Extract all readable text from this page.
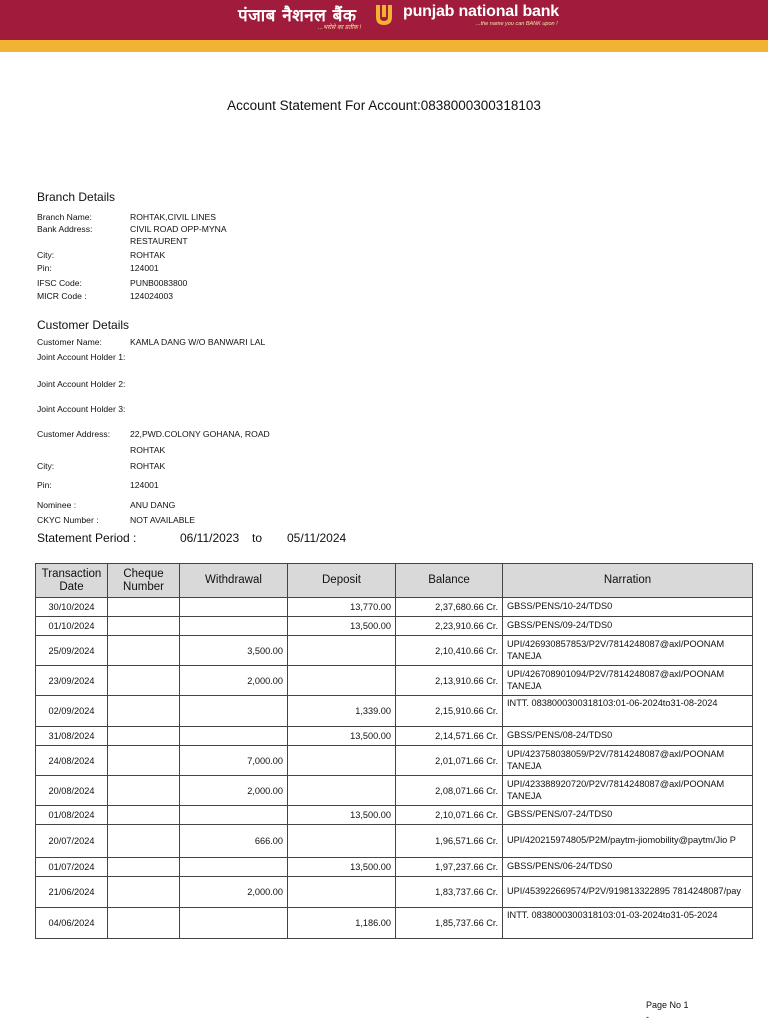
पंजाब नैशनल बैंक
...भरोसे का प्रतीक !
punjab national bank
...the name you can BANK upon !
Account Statement For Account:0838000300318103
Branch Details
Branch Name:	ROHTAK,CIVIL LINES
Bank Address:	CIVIL ROAD OPP-MYNA
RESTAURENT
City:	ROHTAK
Pin:	124001
IFSC Code:	PUNB0083800
MICR Code :	124024003
Customer Details
Customer Name:	KAMLA DANG W/O BANWARI LAL
Joint Account Holder 1:
Joint Account Holder 2:
Joint Account Holder 3:
Customer Address: 22,PWD.COLONY GOHANA, ROAD
ROHTAK
City:	ROHTAK
Pin:	124001
Nominee :	ANU DANG
CKYC Number :	NOT AVAILABLE
Statement Period :	06/11/2023 to 05/11/2024
Transaction Date	Cheque Number	Withdrawal	Deposit	Balance	Narration
30/10/2024			13,770.00	2,37,680.66 Cr.	GBSS/PENS/10-24/TDS0
01/10/2024			13,500.00	2,23,910.66 Cr.	GBSS/PENS/09-24/TDS0
25/09/2024		3,500.00		2,10,410.66 Cr.	UPI/426930857853/P2V/7814248087@axl/POONAM TANEJA
23/09/2024		2,000.00		2,13,910.66 Cr.	UPI/426708901094/P2V/7814248087@axl/POONAM TANEJA
02/09/2024			1,339.00	2,15,910.66 Cr.	INTT. 0838000300318103:01-06-2024to31-08-2024
31/08/2024			13,500.00	2,14,571.66 Cr.	GBSS/PENS/08-24/TDS0
24/08/2024		7,000.00		2,01,071.66 Cr.	UPI/423758038059/P2V/7814248087@axl/POONAM TANEJA
20/08/2024		2,000.00		2,08,071.66 Cr.	UPI/423388920720/P2V/7814248087@axl/POONAM TANEJA
01/08/2024			13,500.00	2,10,071.66 Cr.	GBSS/PENS/07-24/TDS0
20/07/2024		666.00		1,96,571.66 Cr.	UPI/420215974805/P2M/paytm-jiomobility@paytm/Jio P
01/07/2024			13,500.00	1,97,237.66 Cr.	GBSS/PENS/06-24/TDS0
21/06/2024		2,000.00		1,83,737.66 Cr.	UPI/453922669574/P2V/919813322895 7814248087/pay
04/06/2024			1,186.00	1,85,737.66 Cr.	INTT. 0838000300318103:01-03-2024to31-05-2024
Page No 1
-
